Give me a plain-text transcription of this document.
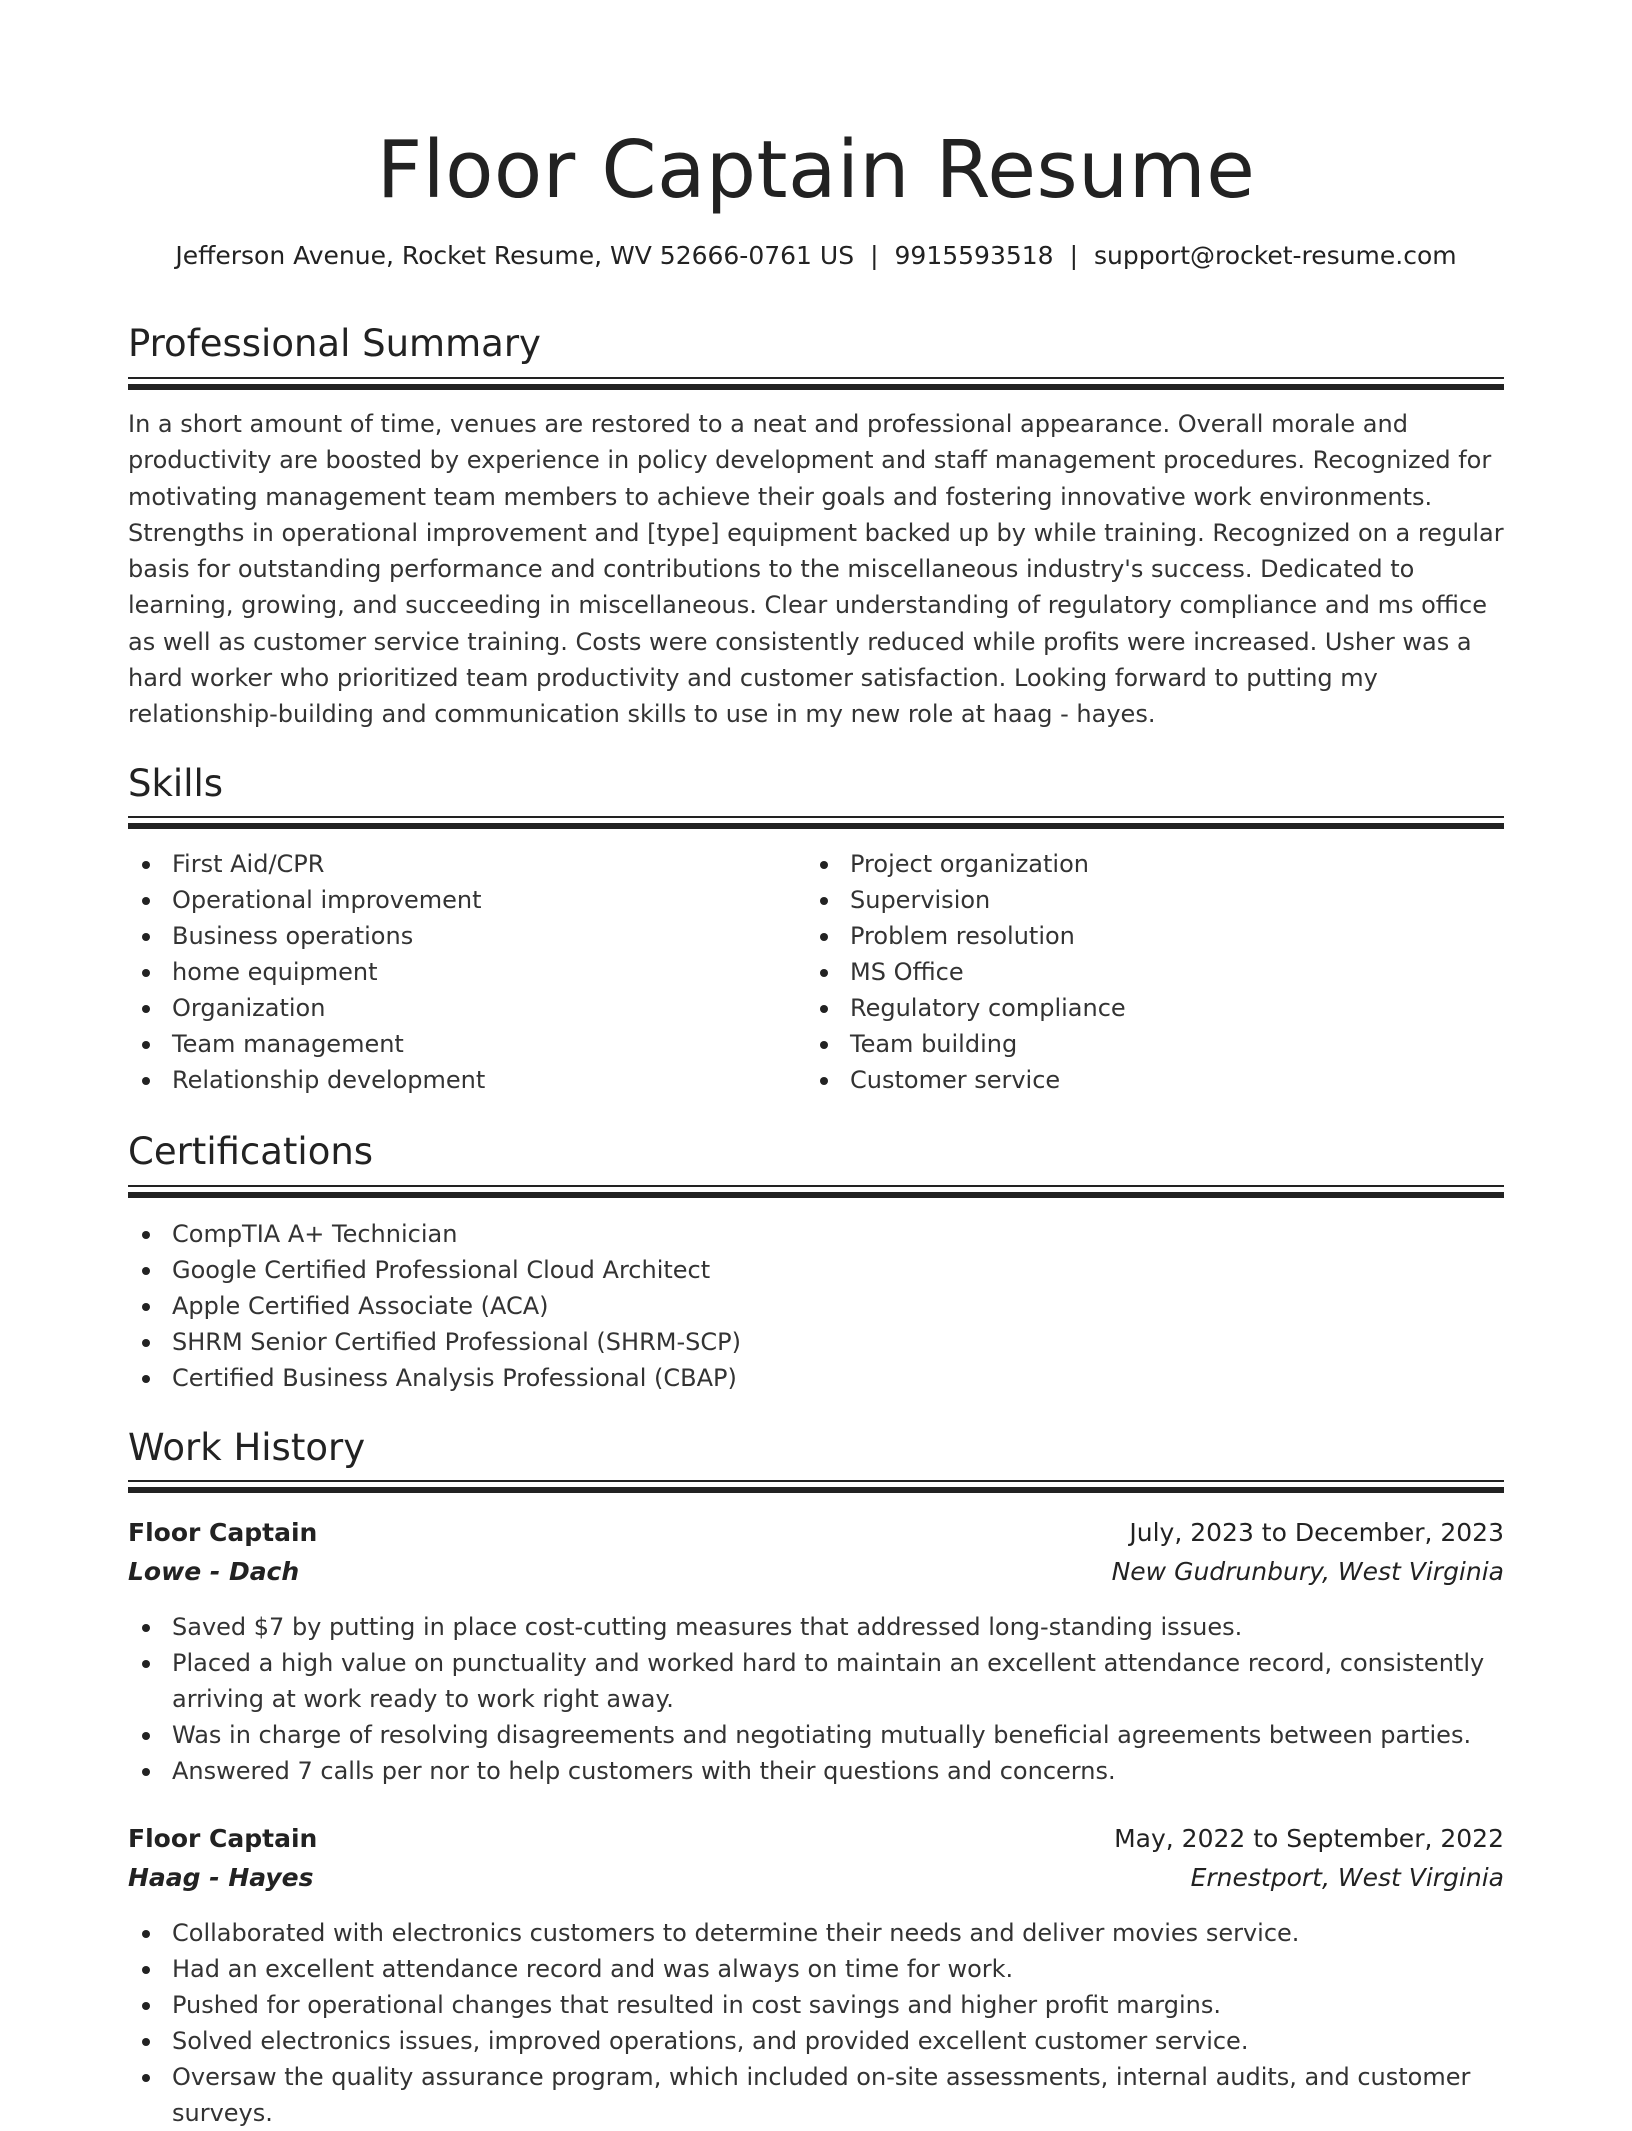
Floor Captain Resume
Jefferson Avenue, Rocket Resume, WV 52666-0761 US | 9915593518 | support@rocket-resume.com
Professional Summary

In a short amount of time, venues are restored to a neat and professional appearance. Overall morale and productivity are boosted by experience in policy development and staff management procedures. Recognized for motivating management team members to achieve their goals and fostering innovative work environments. Strengths in operational improvement and [type] equipment backed up by while training. Recognized on a regular basis for outstanding performance and contributions to the miscellaneous industry's success. Dedicated to learning, growing, and succeeding in miscellaneous. Clear understanding of regulatory compliance and ms office as well as customer service training. Costs were consistently reduced while profits were increased. Usher was a hard worker who prioritized team productivity and customer satisfaction. Looking forward to putting my relationship-building and communication skills to use in my new role at haag - hayes.

Skills
First Aid/CPR
Operational improvement
Business operations
home equipment
Organization
Team management
Relationship development
Project organization
Supervision
Problem resolution
MS Office
Regulatory compliance
Team building
Customer service
Certifications
CompTIA A+ Technician
Google Certified Professional Cloud Architect
Apple Certified Associate (ACA)
SHRM Senior Certified Professional (SHRM-SCP)
Certified Business Analysis Professional (CBAP)
Work History
Floor Captain	July, 2023 to December, 2023
Lowe - Dach	New Gudrunbury, West Virginia
Saved $7 by putting in place cost-cutting measures that addressed long-standing issues.
Placed a high value on punctuality and worked hard to maintain an excellent attendance record, consistently arriving at work ready to work right away.
Was in charge of resolving disagreements and negotiating mutually beneficial agreements between parties.
Answered 7 calls per nor to help customers with their questions and concerns.
Floor Captain	May, 2022 to September, 2022
Haag - Hayes	Ernestport, West Virginia
Collaborated with electronics customers to determine their needs and deliver movies service.
Had an excellent attendance record and was always on time for work.
Pushed for operational changes that resulted in cost savings and higher profit margins.
Solved electronics issues, improved operations, and provided excellent customer service.
Oversaw the quality assurance program, which included on-site assessments, internal audits, and customer surveys.
